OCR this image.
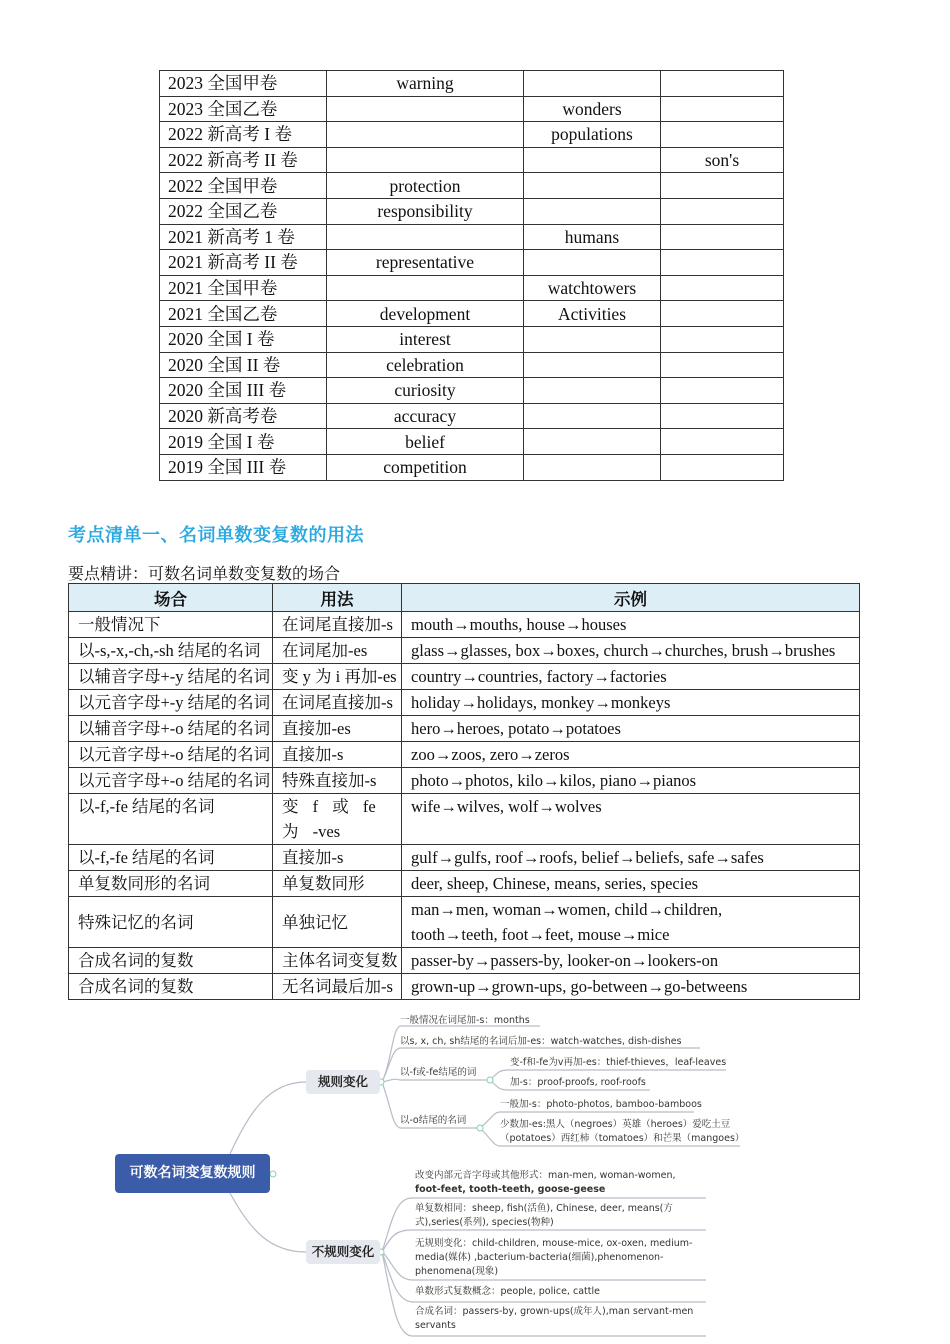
2023 全国甲卷	warning		
2023 全国乙卷		wonders	
2022 新高考 I 卷		populations	
2022 新高考 II 卷			son's
2022 全国甲卷	protection		
2022 全国乙卷	responsibility		
2021 新高考 1 卷		humans	
2021 新高考 II 卷	representative		
2021 全国甲卷		watchtowers	
2021 全国乙卷	development	Activities	
2020 全国 I 卷	interest		
2020 全国 II 卷	celebration		
2020 全国 III 卷	curiosity		
2020 新高考卷	accuracy		
2019 全国 I 卷	belief		
2019 全国 III 卷	competition		
考点清单一、名词单数变复数的用法
要点精讲：可数名词单数变复数的场合
场合	用法	示例
一般情况下	在词尾直接加-s	mouth→mouths, house→houses
以-s,-x,-ch,-sh 结尾的名词	在词尾加-es	glass→glasses, box→boxes, church→churches, brush→brushes
以辅音字母+-y 结尾的名词	变 y 为 i 再加-es	country→countries, factory→factories
以元音字母+-y 结尾的名词	在词尾直接加-s	holiday→holidays, monkey→monkeys
以辅音字母+-o 结尾的名词	直接加-es	hero→heroes, potato→potatoes
以元音字母+-o 结尾的名词	直接加-s	zoo→zoos, zero→zeros
以元音字母+-o 结尾的名词	特殊直接加-s	photo→photos, kilo→kilos, piano→pianos
以-f,-fe 结尾的名词	变 f 或 fe 为 -ves	wife→wilves, wolf→wolves
以-f,-fe 结尾的名词	直接加-s	gulf→gulfs, roof→roofs, belief→beliefs, safe→safes
单复数同形的名词	单复数同形	deer, sheep, Chinese, means, series, species
特殊记忆的名词	单独记忆	man→men, woman→women, child→children, tooth→teeth, foot→feet, mouse→mice
合成名词的复数	主体名词变复数	passer-by→passers-by, looker-on→lookers-on
合成名词的复数	无名词最后加-s	grown-up→grown-ups, go-between→go-betweens
可数名词变复数规则
规则变化
不规则变化
一般情况在词尾加-s：months
以s, x, ch, sh结尾的名词后加-es：watch-watches, dish-dishes
以-f或-fe结尾的词
变-f和-fe为v再加-es：thief-thieves，leaf-leaves
加-s：proof-proofs, roof-roofs
以-o结尾的名词
一般加-s：photo-photos, bamboo-bamboos
少数加-es:黑人（negroes）英雄（heroes）爱吃土豆
（potatoes）西红柿（tomatoes）和芒果（mangoes）
改变内部元音字母或其他形式：man-men, woman-women,
foot-feet, tooth-teeth, goose-geese
单复数相同：sheep, fish(活鱼), Chinese, deer, means(方
式),series(系列), species(物种)
无规则变化：child-children, mouse-mice, ox-oxen, medium-
media(媒体) ,bacterium-bacteria(细菌),phenomenon-
phenomena(现象)
单数形式复数概念：people, police, cattle
合成名词：passers-by, grown-ups(成年人),man servant-men
servants
